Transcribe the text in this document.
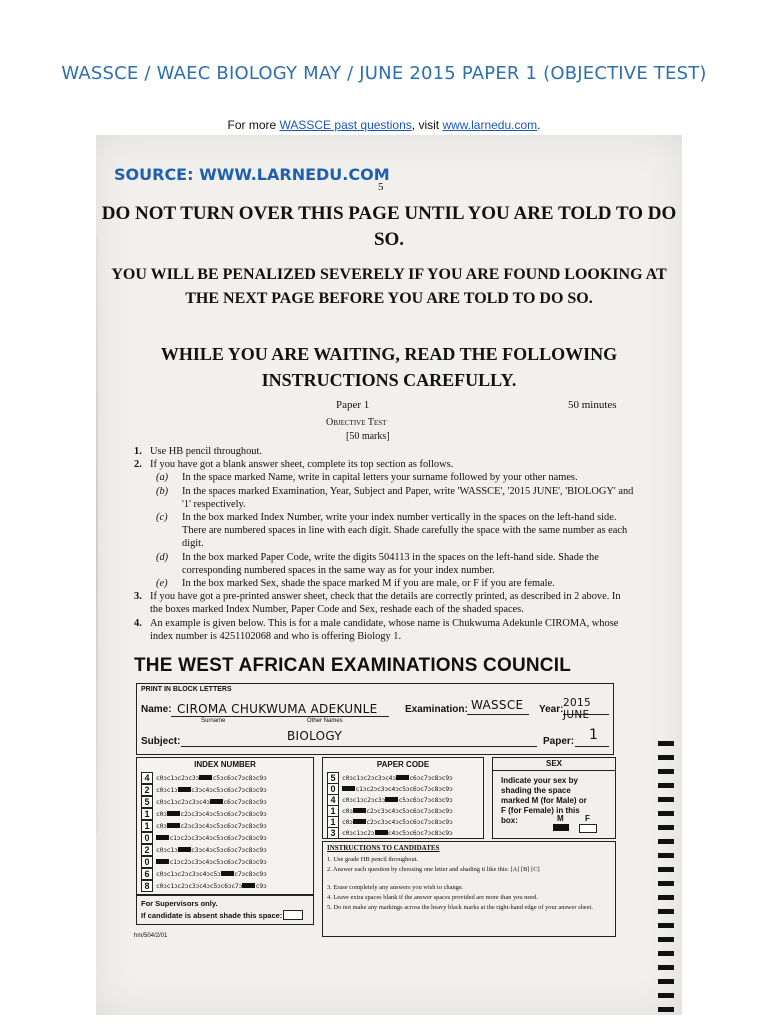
WASSCE / WAEC BIOLOGY MAY / JUNE 2015 PAPER 1 (OBJECTIVE TEST)
For more WASSCE past questions, visit www.larnedu.com.
SOURCE: WWW.LARNEDU.COM
5
DO NOT TURN OVER THIS PAGE UNTIL YOU ARE TOLD TO DO SO.
YOU WILL BE PENALIZED SEVERELY IF YOU ARE FOUND LOOKING AT THE NEXT PAGE BEFORE YOU ARE TOLD TO DO SO.
WHILE YOU ARE WAITING, READ THE FOLLOWING INSTRUCTIONS CAREFULLY.
Paper 1	50 minutes
Objective Test
[50 marks]
1. Use HB pencil throughout.
2. If you have got a blank answer sheet, complete its top section as follows.
(a)	In the space marked Name, write in capital letters your surname followed by your other names.
(b)	In the spaces marked Examination, Year, Subject and Paper, write 'WASSCE', '2015 JUNE', 'BIOLOGY' and '1' respectively.
(c)	In the box marked Index Number, write your index number vertically in the spaces on the left-hand side. There are numbered spaces in line with each digit. Shade carefully the space with the same number as each digit.
(d)	In the box marked Paper Code, write the digits 504113 in the spaces on the left-hand side. Shade the corresponding numbered spaces in the same way as for your index number.
(e)	In the box marked Sex, shade the space marked M if you are male, or F if you are female.
3. If you have got a pre-printed answer sheet, check that the details are correctly printed, as described in 2 above. In the boxes marked Index Number, Paper Code and Sex, reshade each of the shaded spaces.
4. An example is given below. This is for a male candidate, whose name is Chukwuma Adekunle CIROMA, whose index number is 4251102068 and who is offering Biology 1.
THE WEST AFRICAN EXAMINATIONS COUNCIL
PRINT IN BLOCK LETTERS
Name: CIROMA CHUKWUMA ADEKUNLE
Surname	Other Names
Examination: WASSCE Year:
2015 JUNE
Subject:	BIOLOGY	Paper: 1
INDEX NUMBER
4	c0ɔc1ɔc2ɔc3ɔ c5ɔc6ɔc7ɔc8ɔc9ɔ
2	c0ɔc1ɔ c3ɔc4ɔc5ɔc6ɔc7ɔc8ɔc9ɔ
5	c0ɔc1ɔc2ɔc3ɔc4ɔ c6ɔc7ɔc8ɔc9ɔ
1	c0ɔ c2ɔc3ɔc4ɔc5ɔc6ɔc7ɔc8ɔc9ɔ
1	c0ɔ c2ɔc3ɔc4ɔc5ɔc6ɔc7ɔc8ɔc9ɔ
0	c1ɔc2ɔc3ɔc4ɔc5ɔc6ɔc7ɔc8ɔc9ɔ
2	c0ɔc1ɔ c3ɔc4ɔc5ɔc6ɔc7ɔc8ɔc9ɔ
0	c1ɔc2ɔc3ɔc4ɔc5ɔc6ɔc7ɔc8ɔc9ɔ
6	c0ɔc1ɔc2ɔc3ɔc4ɔc5ɔ c7ɔc8ɔc9ɔ
8	c0ɔc1ɔc2ɔc3ɔc4ɔc5ɔc6ɔc7ɔ c9ɔ
PAPER CODE
5	c0ɔc1ɔc2ɔc3ɔc4ɔ c6ɔc7ɔc8ɔc9ɔ
0	c1ɔc2ɔc3ɔc4ɔc5ɔc6ɔc7ɔc8ɔc9ɔ
4	c0ɔc1ɔc2ɔc3ɔ c5ɔc6ɔc7ɔc8ɔc9ɔ
1	c0ɔ c2ɔc3ɔc4ɔc5ɔc6ɔc7ɔc8ɔc9ɔ
1	c0ɔ c2ɔc3ɔc4ɔc5ɔc6ɔc7ɔc8ɔc9ɔ
3	c0ɔc1ɔc2ɔ c4ɔc5ɔc6ɔc7ɔc8ɔc9ɔ
SEX
Indicate your sex by shading the space marked M (for Male) or F (for Female) in this box:	M	F
INSTRUCTIONS TO CANDIDATES
1. Use grade HB pencil throughout.
2. Answer each question by choosing one letter and shading it like this: [A] [B] [C]
3. Erase completely any answers you wish to change.
4. Leave extra spaces blank if the answer spaces provided are more than you need.
5. Do not make any markings across the heavy black marks at the right-hand edge of your answer sheet.
For Supervisors only.
If candidate is absent shade this space:
hm/504/2/01
